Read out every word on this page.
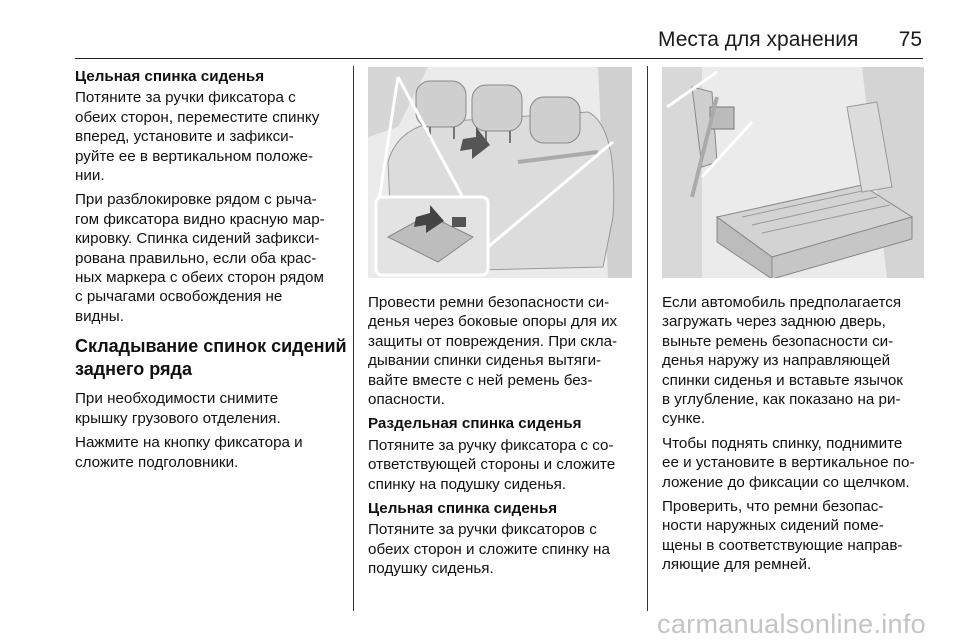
Места для хранения 75

Цельная спинка сиденья

Потяните за ручки фиксатора с
обеих сторон, переместите спинку
вперед, установите и зафикси-
руйте ее в вертикальном положе-
нии.

При разблокировке рядом с рыча-
гом фиксатора видно красную мар-
кировку. Спинка сидений зафикси-
рована правильно, если оба крас-
ных маркера с обеих сторон рядом
с рычагами освобождения не
видны.

Складывание спинок сидений
заднего ряда

При необходимости снимите
крышку грузового отделения.

Нажмите на кнопку фиксатора и
сложите подголовники.

Провести ремни безопасности си-
денья через боковые опоры для их
защиты от повреждения. При скла-
дывании спинки сиденья вытяги-
вайте вместе с ней ремень без-
опасности.

Раздельная спинка сиденья

Потяните за ручку фиксатора с со-
ответствующей стороны и сложите
спинку на подушку сиденья.

Цельная спинка сиденья

Потяните за ручки фиксаторов с
обеих сторон и сложите спинку на
подушку сиденья.

Если автомобиль предполагается
загружать через заднюю дверь,
выньте ремень безопасности си-
денья наружу из направляющей
спинки сиденья и вставьте язычок
в углубление, как показано на ри-
сунке.

Чтобы поднять спинку, поднимите
ее и установите в вертикальное по-
ложение до фиксации со щелчком.

Проверить, что ремни безопас-
ности наружных сидений поме-
щены в соответствующие направ-
ляющие для ремней.

carmanualsonline.info
